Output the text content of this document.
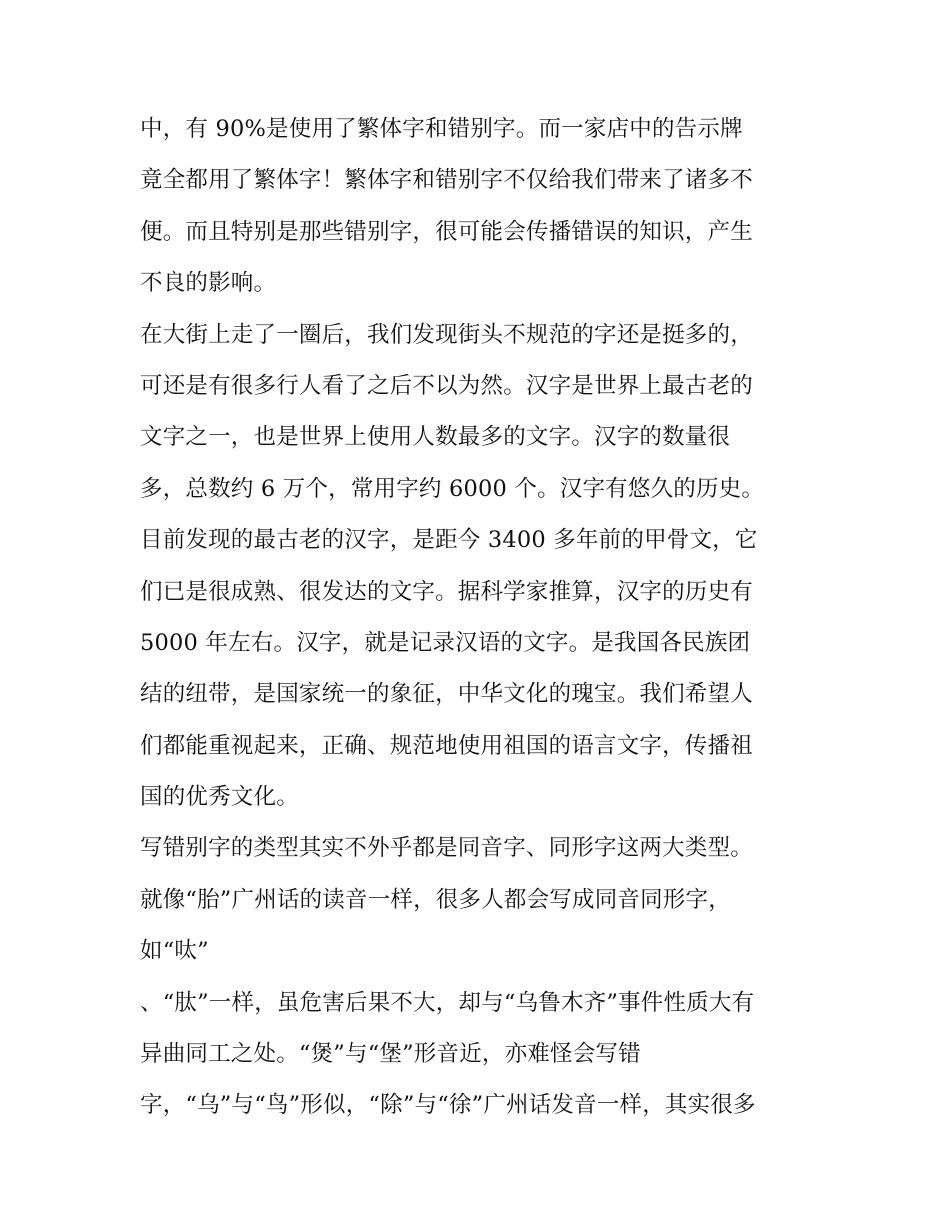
中，有 90%是使用了繁体字和错别字。而一家店中的告示牌
竟全都用了繁体字！繁体字和错别字不仅给我们带来了诸多不
便。而且特别是那些错别字，很可能会传播错误的知识，产生
不良的影响。
在大街上走了一圈后，我们发现街头不规范的字还是挺多的，
可还是有很多行人看了之后不以为然。汉字是世界上最古老的
文字之一，也是世界上使用人数最多的文字。汉字的数量很
多，总数约 6 万个，常用字约 6000 个。汉字有悠久的历史。
目前发现的最古老的汉字，是距今 3400 多年前的甲骨文，它
们已是很成熟、很发达的文字。据科学家推算，汉字的历史有
5000 年左右。汉字，就是记录汉语的文字。是我国各民族团
结的纽带，是国家统一的象征，中华文化的瑰宝。我们希望人
们都能重视起来，正确、规范地使用祖国的语言文字，传播祖
国的优秀文化。
写错别字的类型其实不外乎都是同音字、同形字这两大类型。
就像“胎”广州话的读音一样，很多人都会写成同音同形字，
如“呔”
、“肽”一样，虽危害后果不大，却与“乌鲁木齐”事件性质大有
异曲同工之处。“煲”与“堡”形音近，亦难怪会写错
字，“乌”与“鸟”形似，“除”与“徐”广州话发音一样，其实很多
